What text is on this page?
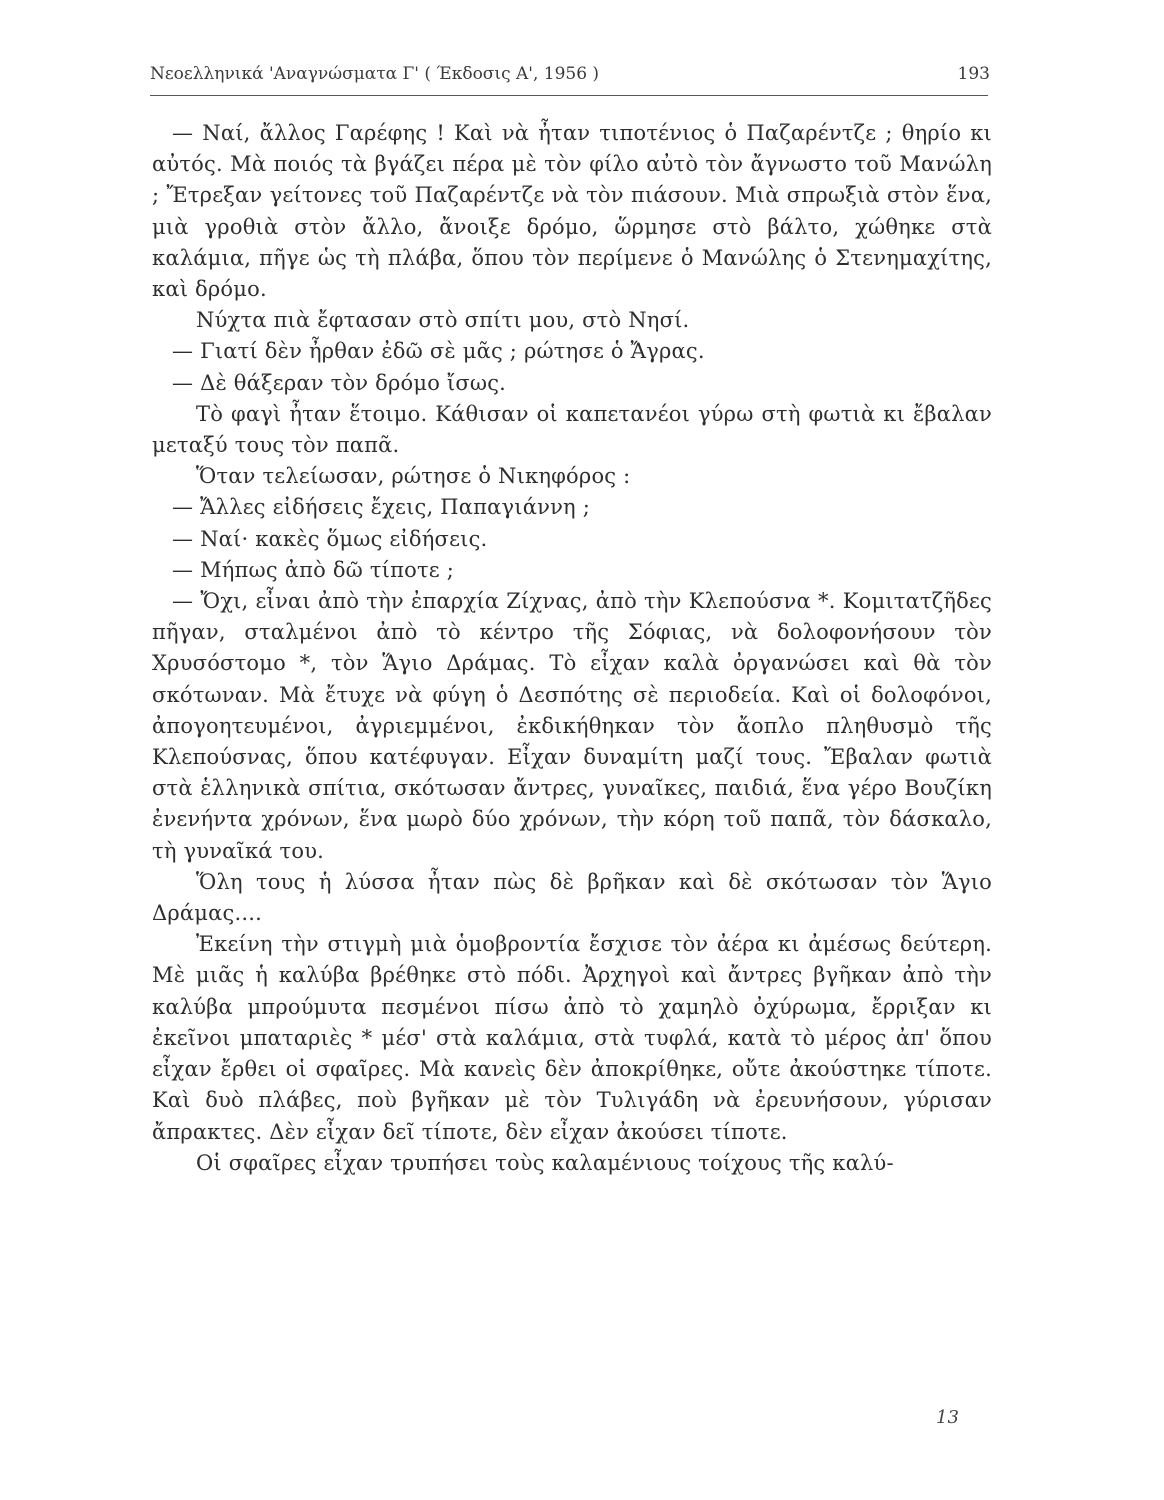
Νεοελληνικά 'Αναγνώσματα Γ' ( Έκδοσις Α', 1956 )	193

— Ναί, ἄλλος Γαρέφης ! Καὶ νὰ ἦταν τιποτένιος ὁ Παζαρέντζε ; θηρίο κι αὐτός. Μὰ ποιός τὰ βγάζει πέρα μὲ τὸν φίλο αὐτὸ τὸν ἄγνωστο τοῦ Μανώλη ; Ἔτρεξαν γείτονες τοῦ Παζαρέντζε νὰ τὸν πιάσουν. Μιὰ σπρωξιὰ στὸν ἕνα, μιὰ γροθιὰ στὸν ἄλλο, ἄνοιξε δρόμο, ὥρμησε στὸ βάλτο, χώθηκε στὰ καλάμια, πῆγε ὡς τὴ πλάβα, ὅπου τὸν περίμενε ὁ Μανώλης ὁ Στενημαχίτης, καὶ δρόμο.

Νύχτα πιὰ ἔφτασαν στὸ σπίτι μου, στὸ Νησί.

— Γιατί δὲν ἦρθαν ἐδῶ σὲ μᾶς ; ρώτησε ὁ Ἄγρας.

— Δὲ θάξεραν τὸν δρόμο ἴσως.

Τὸ φαγὶ ἦταν ἕτοιμο. Κάθισαν οἱ καπετανέοι γύρω στὴ φωτιὰ κι ἔβαλαν μεταξύ τους τὸν παπᾶ.

Ὅταν τελείωσαν, ρώτησε ὁ Νικηφόρος :

— Ἄλλες εἰδήσεις ἔχεις, Παπαγιάννη ;

— Ναί· κακὲς ὅμως εἰδήσεις.

— Μήπως ἀπὸ δῶ τίποτε ;

— Ὄχι, εἶναι ἀπὸ τὴν ἐπαρχία Ζίχνας, ἀπὸ τὴν Κλεπούσνα *. Κομιτατζῆδες πῆγαν, σταλμένοι ἀπὸ τὸ κέντρο τῆς Σόφιας, νὰ δολοφονήσουν τὸν Χρυσόστομο *, τὸν Ἅγιο Δράμας. Τὸ εἶχαν καλὰ ὀργανώσει καὶ θὰ τὸν σκότωναν. Μὰ ἔτυχε νὰ φύγη ὁ Δεσπότης σὲ περιοδεία. Καὶ οἱ δολοφόνοι, ἀπογοητευμένοι, ἀγριεμμένοι, ἐκδικήθηκαν τὸν ἄοπλο πληθυσμὸ τῆς Κλεπούσνας, ὅπου κατέφυγαν. Εἶχαν δυναμίτη μαζί τους. Ἔβαλαν φωτιὰ στὰ ἑλληνικὰ σπίτια, σκότωσαν ἄντρες, γυναῖκες, παιδιά, ἕνα γέρο Βουζίκη ἐνενήντα χρόνων, ἕνα μωρὸ δύο χρόνων, τὴν κόρη τοῦ παπᾶ, τὸν δάσκαλο, τὴ γυναῖκά του.

Ὅλη τους ἡ λύσσα ἦταν πὼς δὲ βρῆκαν καὶ δὲ σκότωσαν τὸν Ἅγιο Δράμας....

Ἐκείνη τὴν στιγμὴ μιὰ ὁμοβροντία ἔσχισε τὸν ἀέρα κι ἀμέσως δεύτερη. Μὲ μιᾶς ἡ καλύβα βρέθηκε στὸ πόδι. Ἀρχηγοὶ καὶ ἄντρες βγῆκαν ἀπὸ τὴν καλύβα μπρούμυτα πεσμένοι πίσω ἀπὸ τὸ χαμηλὸ ὀχύρωμα, ἔρριξαν κι ἐκεῖνοι μπαταριὲς * μέσ' στὰ καλάμια, στὰ τυφλά, κατὰ τὸ μέρος ἀπ' ὅπου εἶχαν ἔρθει οἱ σφαῖρες. Μὰ κανεὶς δὲν ἀποκρίθηκε, οὔτε ἀκούστηκε τίποτε. Καὶ δυὸ πλάβες, ποὺ βγῆκαν μὲ τὸν Τυλιγάδη νὰ ἐρευνήσουν, γύρισαν ἄπρακτες. Δὲν εἶχαν δεῖ τίποτε, δὲν εἶχαν ἀκούσει τίποτε.

Οἱ σφαῖρες εἶχαν τρυπήσει τοὺς καλαμένιους τοίχους τῆς καλύ-

13
